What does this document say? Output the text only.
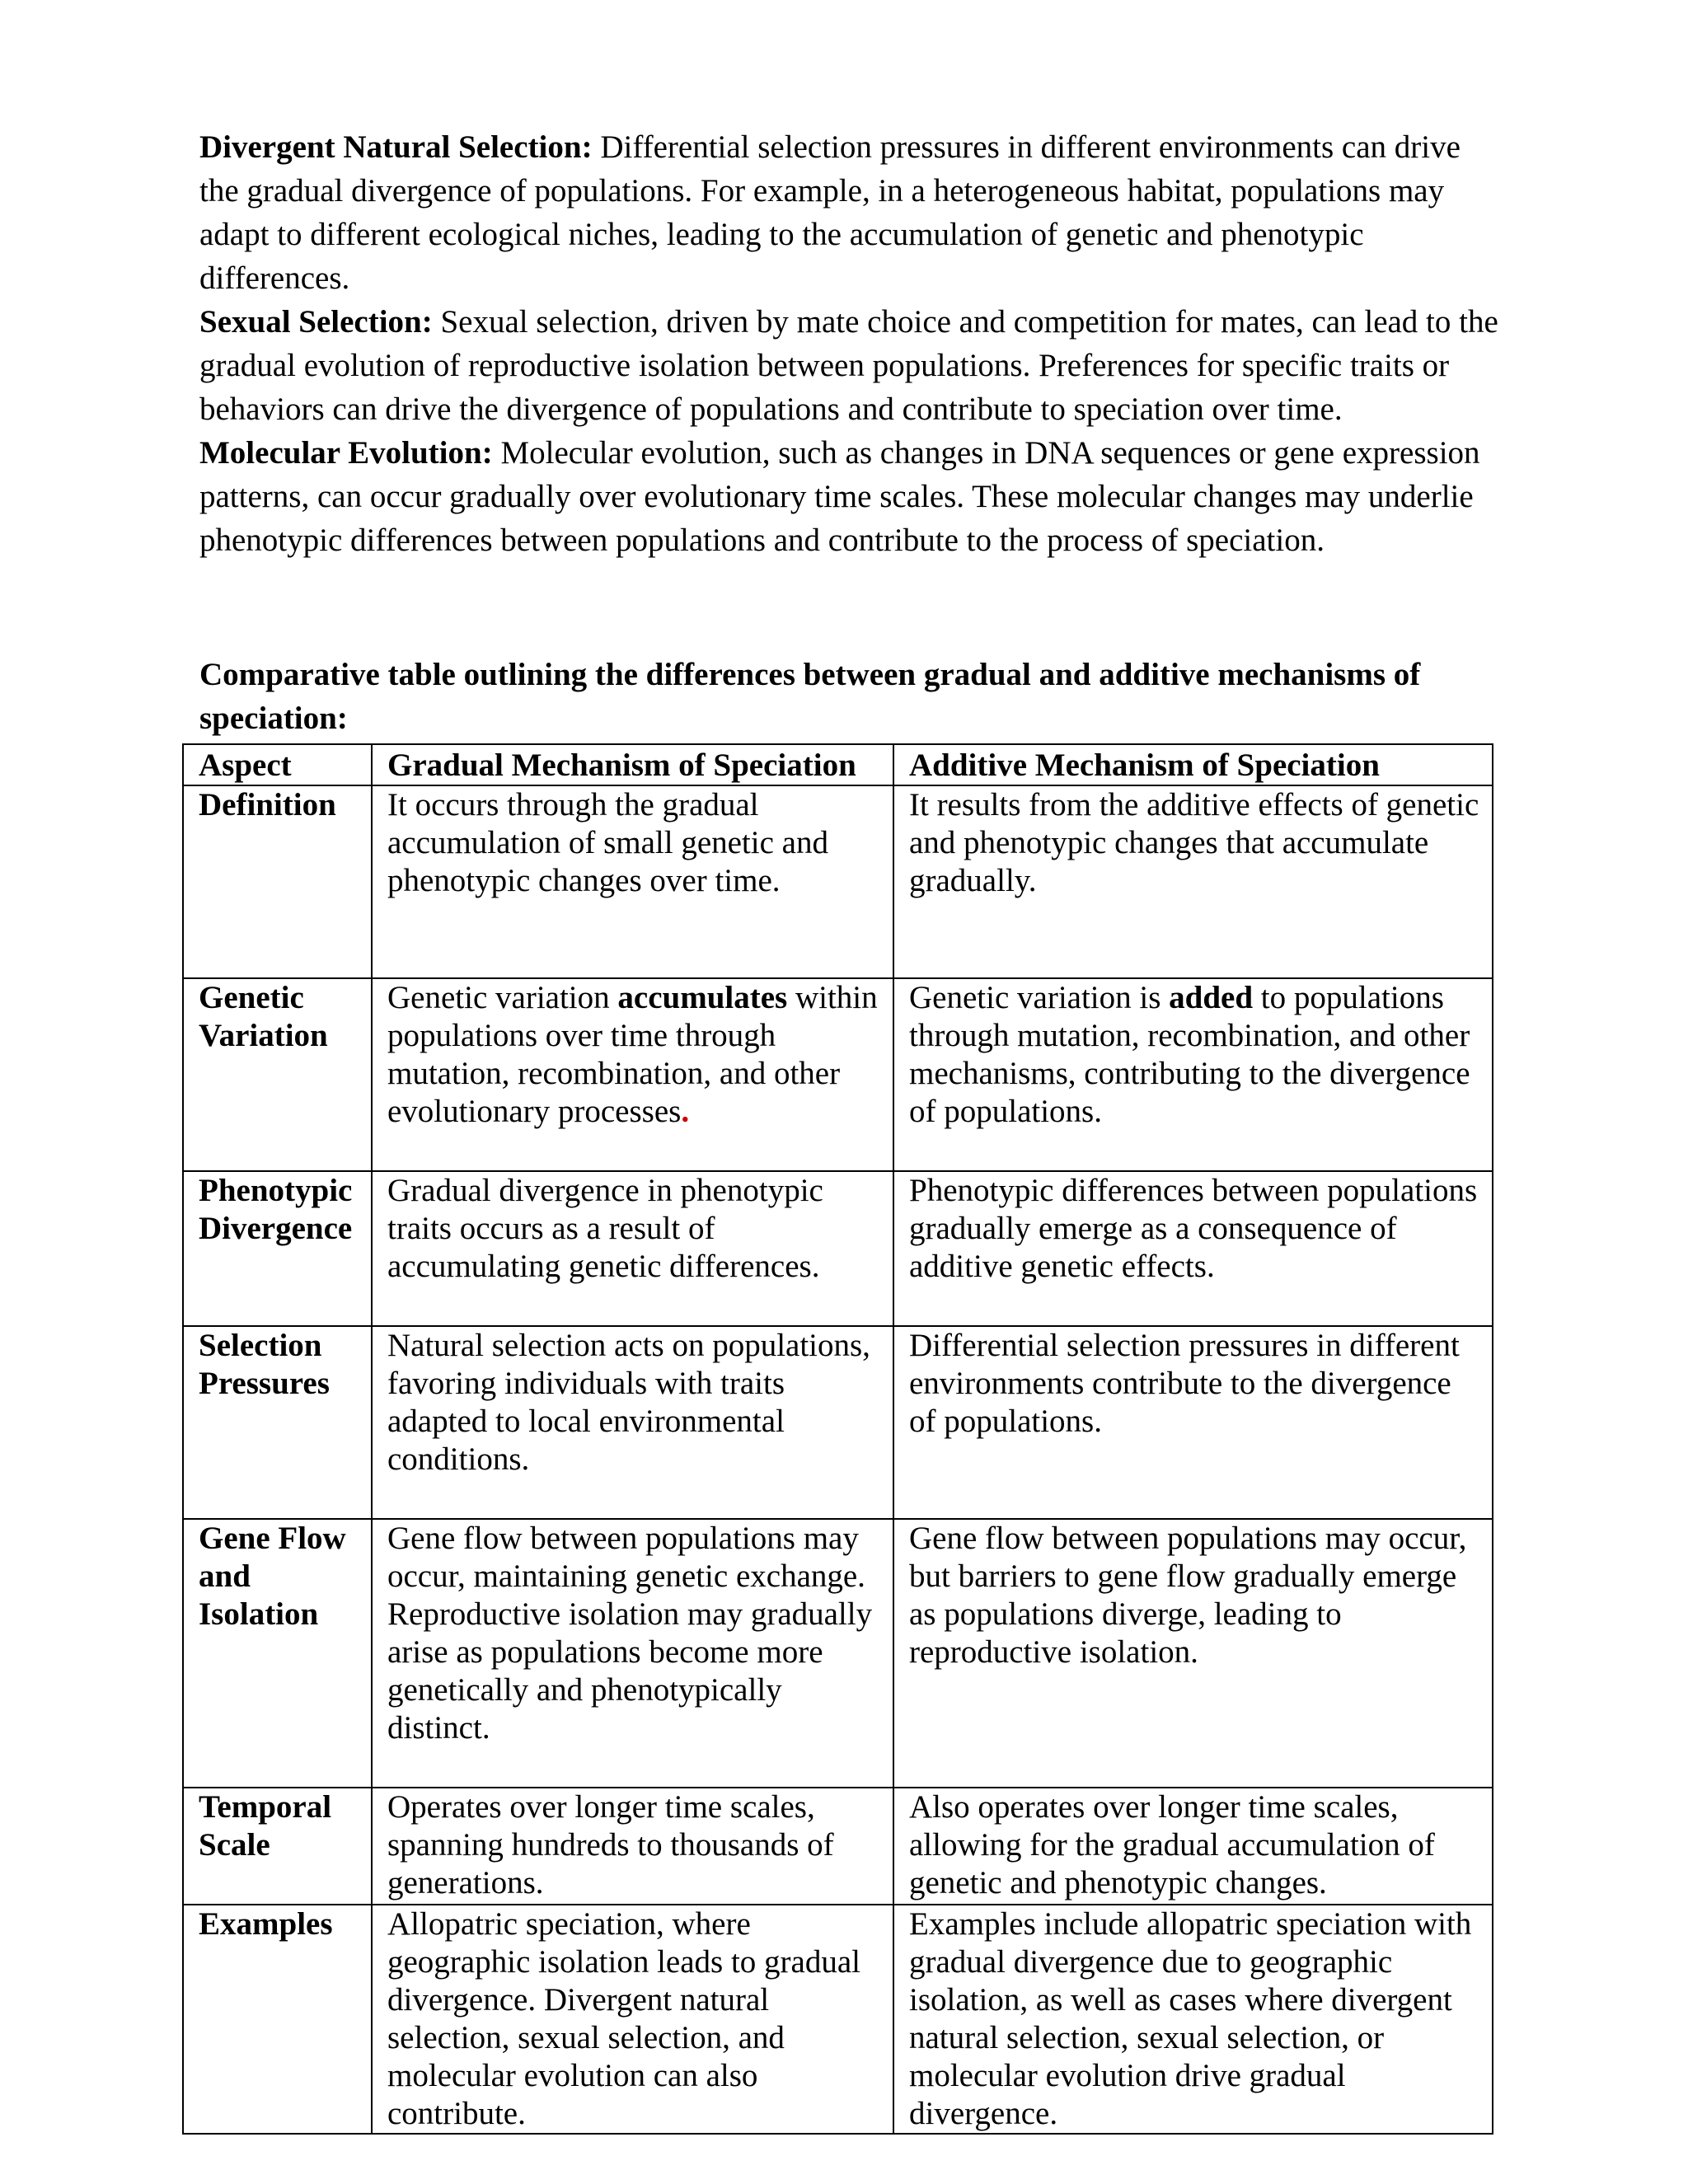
Divergent Natural Selection: Differential selection pressures in different environments can drive the gradual divergence of populations. For example, in a heterogeneous habitat, populations may adapt to different ecological niches, leading to the accumulation of genetic and phenotypic differences.

Sexual Selection: Sexual selection, driven by mate choice and competition for mates, can lead to the gradual evolution of reproductive isolation between populations. Preferences for specific traits or behaviors can drive the divergence of populations and contribute to speciation over time.

Molecular Evolution: Molecular evolution, such as changes in DNA sequences or gene expression patterns, can occur gradually over evolutionary time scales. These molecular changes may underlie phenotypic differences between populations and contribute to the process of speciation.

Comparative table outlining the differences between gradual and additive mechanisms of speciation:
Aspect	Gradual Mechanism of Speciation	Additive Mechanism of Speciation
Definition	It occurs through the gradual accumulation of small genetic and phenotypic changes over time.	It results from the additive effects of genetic and phenotypic changes that accumulate gradually.
Genetic Variation	Genetic variation accumulates within populations over time through mutation, recombination, and other evolutionary processes.	Genetic variation is added to populations through mutation, recombination, and other mechanisms, contributing to the divergence of populations.
Phenotypic Divergence	Gradual divergence in phenotypic traits occurs as a result of accumulating genetic differences.	Phenotypic differences between populations gradually emerge as a consequence of additive genetic effects.
Selection Pressures	Natural selection acts on populations, favoring individuals with traits adapted to local environmental conditions.	Differential selection pressures in different environments contribute to the divergence of populations.
Gene Flow and Isolation	Gene flow between populations may occur, maintaining genetic exchange. Reproductive isolation may gradually arise as populations become more genetically and phenotypically distinct.	Gene flow between populations may occur, but barriers to gene flow gradually emerge as populations diverge, leading to reproductive isolation.
Temporal Scale	Operates over longer time scales, spanning hundreds to thousands of generations.	Also operates over longer time scales, allowing for the gradual accumulation of genetic and phenotypic changes.
Examples	Allopatric speciation, where geographic isolation leads to gradual divergence. Divergent natural selection, sexual selection, and molecular evolution can also contribute.	Examples include allopatric speciation with gradual divergence due to geographic isolation, as well as cases where divergent natural selection, sexual selection, or molecular evolution drive gradual divergence.
